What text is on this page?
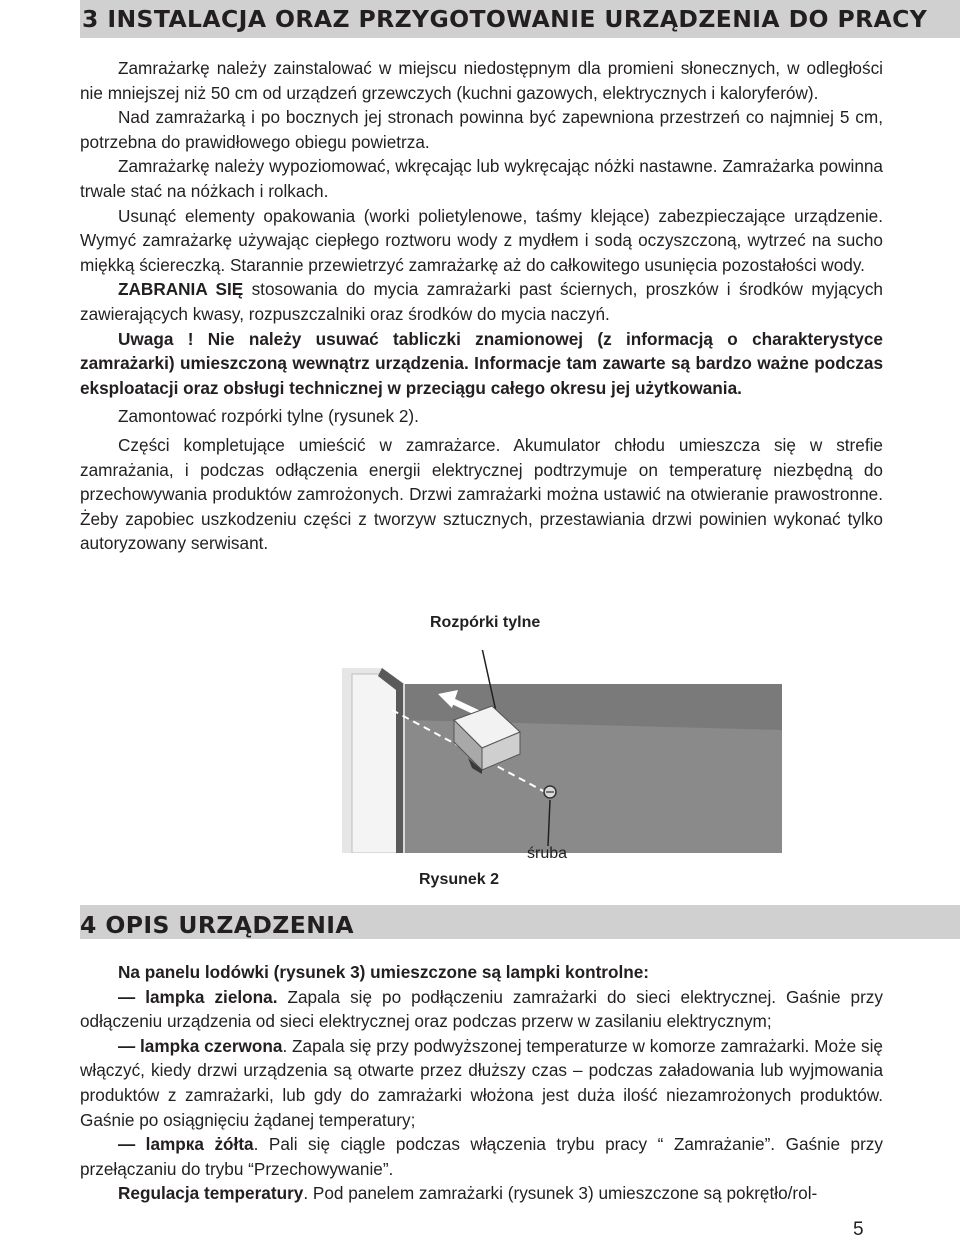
3 INSTALACJA ORAZ PRZYGOTOWANIE URZĄDZENIA DO PRACY

Zamrażarkę należy zainstalować w miejscu niedostępnym dla promieni słonecznych, w odległości nie mniejszej niż 50 cm od urządzeń grzewczych (kuchni gazowych, elektrycznych i kaloryferów).

Nad zamrażarką i po bocznych jej stronach powinna być zapewniona przestrzeń co najmniej 5 cm, potrzebna do prawidłowego obiegu powietrza.

Zamrażarkę należy wypoziomować, wkręcając lub wykręcając nóżki nastawne. Zamrażarka powinna trwale stać na nóżkach i rolkach.

Usunąć elementy opakowania (worki polietylenowe, taśmy klejące) zabezpieczające urządzenie. Wymyć zamrażarkę używając ciepłego roztworu wody z mydłem i sodą oczyszczoną, wytrzeć na sucho miękką ściereczką. Starannie przewietrzyć zamrażarkę aż do całkowitego usunięcia pozostałości wody.

ZABRANIA SIĘ stosowania do mycia zamrażarki past ściernych, proszków i środków myjących zawierających kwasy, rozpuszczalniki oraz środków do mycia naczyń.

Uwaga ! Nie należy usuwać tabliczki znamionowej (z informacją o charakterystyce zamrażarki) umieszczoną wewnątrz urządzenia. Informacje tam zawarte są bardzo ważne podczas eksploatacji oraz obsługi technicznej w przeciągu całego okresu jej użytkowania.

Zamontować rozpórki tylne (rysunek 2).

Części kompletujące umieścić w zamrażarce. Akumulator chłodu umieszcza się w strefie zamrażania, i podczas odłączenia energii elektrycznej podtrzymuje on temperaturę niezbędną do przechowywania produktów zamrożonych. Drzwi zamrażarki można ustawić na otwieranie prawostronne. Żeby zapobiec uszkodzeniu części z tworzyw sztucznych, przestawiania drzwi powinien wykonać tylko autoryzowany serwisant.

Rozpórki tylne
śruba
Rysunek 2
4 OPIS URZĄDZENIA

Na panelu lodówki (rysunek 3) umieszczone są lampki kontrolne:

— lampka zielona. Zapala się po podłączeniu zamrażarki do sieci elektrycznej. Gaśnie przy odłączeniu urządzenia od sieci elektrycznej oraz podczas przerw w zasilaniu elektrycznym;

— lampka czerwona. Zapala się przy podwyższonej temperaturze w komorze zamrażarki. Może się włączyć, kiedy drzwi urządzenia są otwarte przez dłuższy czas – podczas załadowania lub wyjmowania produktów z zamrażarki, lub gdy do zamrażarki włożona jest duża ilość niezamrożonych produktów. Gaśnie po osiągnięciu żądanej temperatury;

— lampка żółta. Pali się ciągle podczas włączenia trybu pracy “ Zamrażanie”. Gaśnie przy przełączaniu do trybu “Przechowywanie”.

Regulacja temperatury. Pod panelem zamrażarki (rysunek 3) umieszczone są pokrętło/rol-

5
